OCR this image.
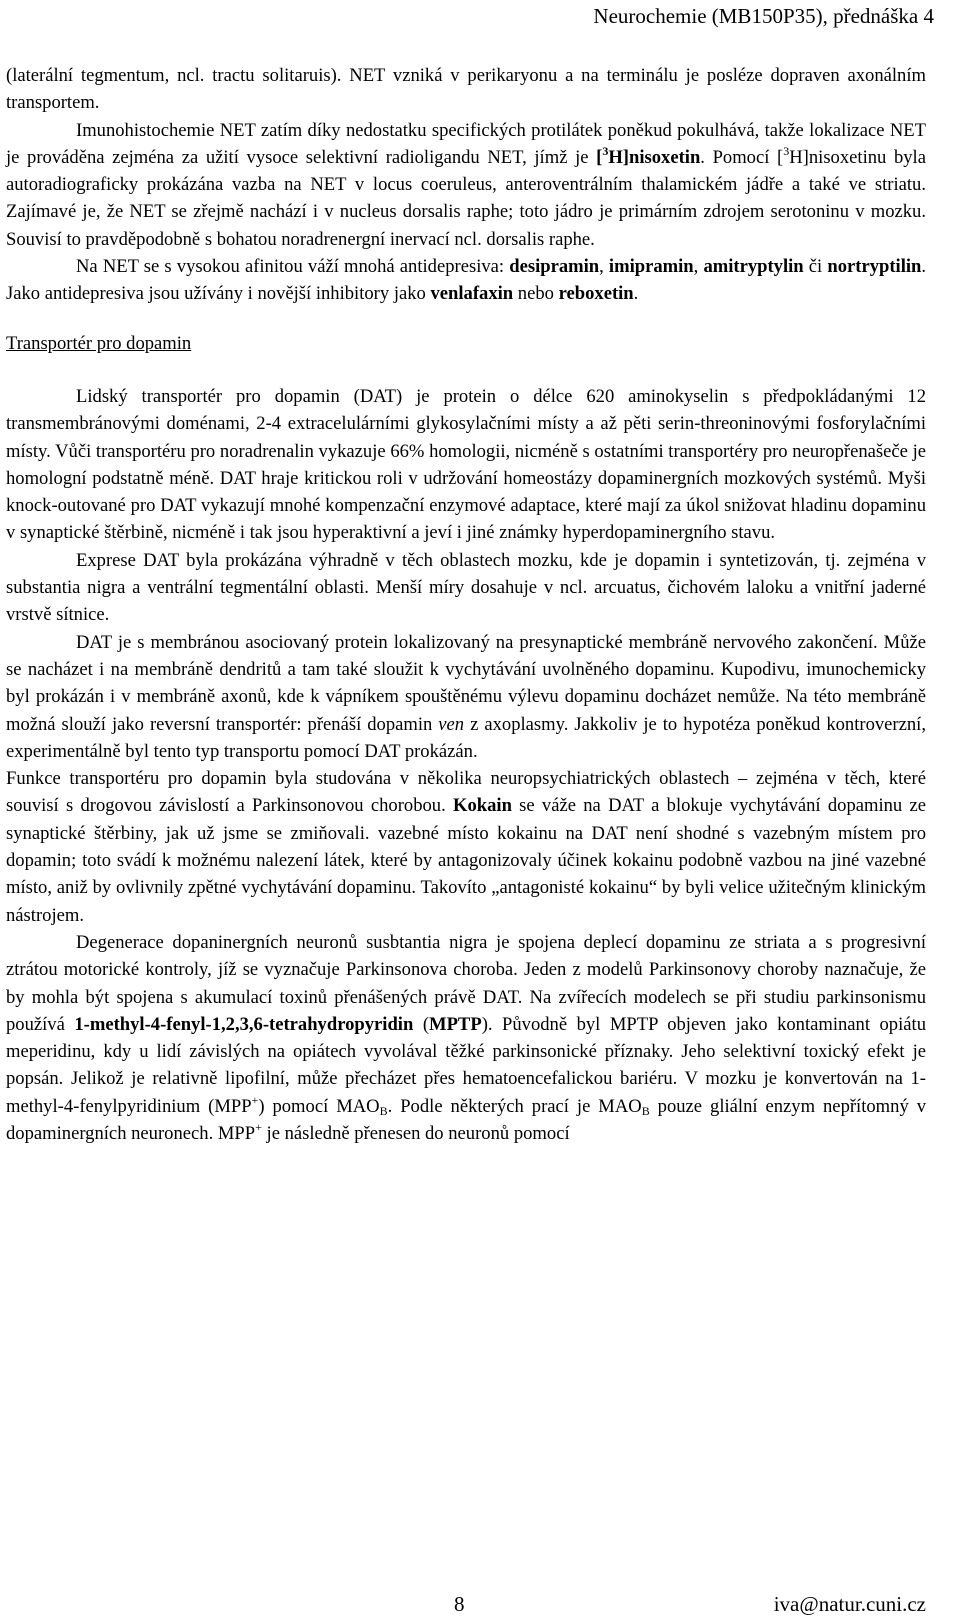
Neurochemie (MB150P35), přednáška 4

(laterální tegmentum, ncl. tractu solitaruis). NET vzniká v perikaryonu a na terminálu je posléze dopraven axonálním transportem.

Imunohistochemie NET zatím díky nedostatku specifických protilátek poněkud pokulhává, takže lokalizace NET je prováděna zejména za užití vysoce selektivní radioligandu NET, jímž je [$^3$H]nisoxetin. Pomocí [$^3$H]nisoxetinu byla autoradiograficky prokázána vazba na NET v locus coeruleus, anteroventrálním thalamickém jádře a také ve striatu. Zajímavé je, že NET se zřejmě nachází i v nucleus dorsalis raphe; toto jádro je primárním zdrojem serotoninu v mozku. Souvisí to pravděpodobně s bohatou noradrenergní inervací ncl. dorsalis raphe.

Na NET se s vysokou afinitou váží mnohá antidepresiva: desipramin, imipramin, amitryptylin či nortryptilin. Jako antidepresiva jsou užívány i novější inhibitory jako venlafaxin nebo reboxetin.

Transportér pro dopamin

Lidský transportér pro dopamin (DAT) je protein o délce 620 aminokyselin s předpokládanými 12 transmembránovými doménami, 2-4 extracelulárními glykosylačními místy a až pěti serin-threoninovými fosforylačními místy. Vůči transportéru pro noradrenalin vykazuje 66% homologii, nicméně s ostatními transportéry pro neuropřenašeče je homologní podstatně méně. DAT hraje kritickou roli v udržování homeostázy dopaminergních mozkových systémů. Myši knock-outované pro DAT vykazují mnohé kompenzační enzymové adaptace, které mají za úkol snižovat hladinu dopaminu v synaptické štěrbině, nicméně i tak jsou hyperaktivní a jeví i jiné známky hyperdopaminergního stavu.

Exprese DAT byla prokázána výhradně v těch oblastech mozku, kde je dopamin i syntetizován, tj. zejména v substantia nigra a ventrální tegmentální oblasti. Menší míry dosahuje v ncl. arcuatus, čichovém laloku a vnitřní jaderné vrstvě sítnice.

DAT je s membránou asociovaný protein lokalizovaný na presynaptické membráně nervového zakončení. Může se nacházet i na membráně dendritů a tam také sloužit k vychytávání uvolněného dopaminu. Kupodivu, imunochemicky byl prokázán i v membráně axonů, kde k vápníkem spouštěnému výlevu dopaminu docházet nemůže. Na této membráně možná slouží jako reversní transportér: přenáší dopamin ven z axoplasmy. Jakkoliv je to hypotéza poněkud kontroverzní, experimentálně byl tento typ transportu pomocí DAT prokázán.

Funkce transportéru pro dopamin byla studována v několika neuropsychiatrických oblastech – zejména v těch, které souvisí s drogovou závislostí a Parkinsonovou chorobou. Kokain se váže na DAT a blokuje vychytávání dopaminu ze synaptické štěrbiny, jak už jsme se zmiňovali. vazebné místo kokainu na DAT není shodné s vazebným místem pro dopamin; toto svádí k možnému nalezení látek, které by antagonizovaly účinek kokainu podobně vazbou na jiné vazebné místo, aniž by ovlivnily zpětné vychytávání dopaminu. Takovíto „antagonisté kokainu“ by byli velice užitečným klinickým nástrojem.

Degenerace dopaninergních neuronů susbtantia nigra je spojena deplecí dopaminu ze striata a s progresivní ztrátou motorické kontroly, jíž se vyznačuje Parkinsonova choroba. Jeden z modelů Parkinsonovy choroby naznačuje, že by mohla být spojena s akumulací toxinů přenášených právě DAT. Na zvířecích modelech se při studiu parkinsonismu používá 1-methyl-4-fenyl-1,2,3,6-tetrahydropyridin (MPTP). Původně byl MPTP objeven jako kontaminant opiátu meperidinu, kdy u lidí závislých na opiátech vyvolával těžké parkinsonické příznaky. Jeho selektivní toxický efekt je popsán. Jelikož je relativně lipofilní, může přecházet přes hematoencefalickou bariéru. V mozku je konvertován na 1-methyl-4-fenylpyridinium (MPP+) pomocí $MAO_B$. Podle některých prací je $MAO_B$ pouze gliální enzym nepřítomný v dopaminergních neuronech. MPP+ je následně přenesen do neuronů pomocí

8	iva@natur.cuni.cz
